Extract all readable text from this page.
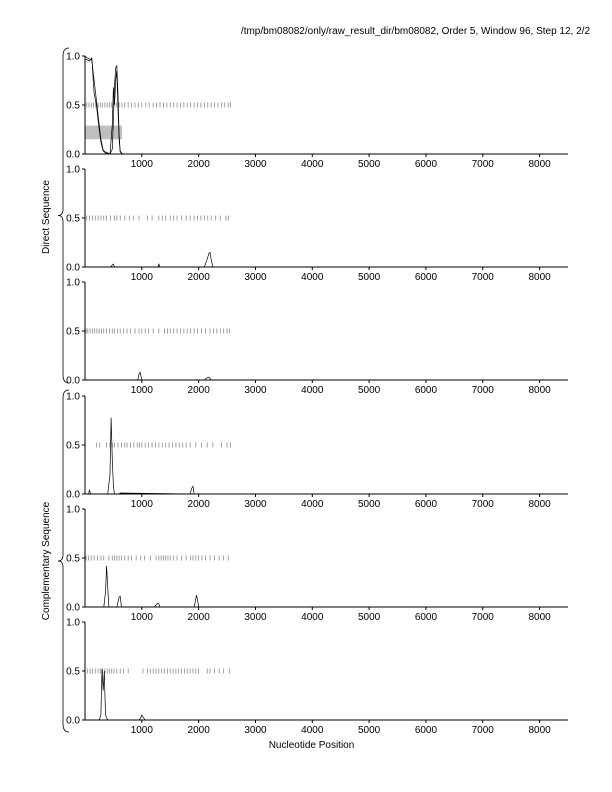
/tmp/bm08082/only/raw_result_dir/bm08082, Order 5, Window 96, Step 12, 2/2
0.0
0.5
1.0
1000	2000	3000	4000	5000	6000	7000	8000
0.0
0.5
1.0
1000	2000	3000	4000	5000	6000	7000	8000
0.0
0.5
1.0
1000	2000	3000	4000	5000	6000	7000	8000
0.0
0.5
1.0
1000	2000	3000	4000	5000	6000	7000	8000
0.0
0.5
1.0
1000	2000	3000	4000	5000	6000	7000	8000
0.0
0.5
1.0
1000	2000	3000	4000	5000	6000	7000	8000
Direct Sequence
Complementary Sequence
Nucleotide Position
